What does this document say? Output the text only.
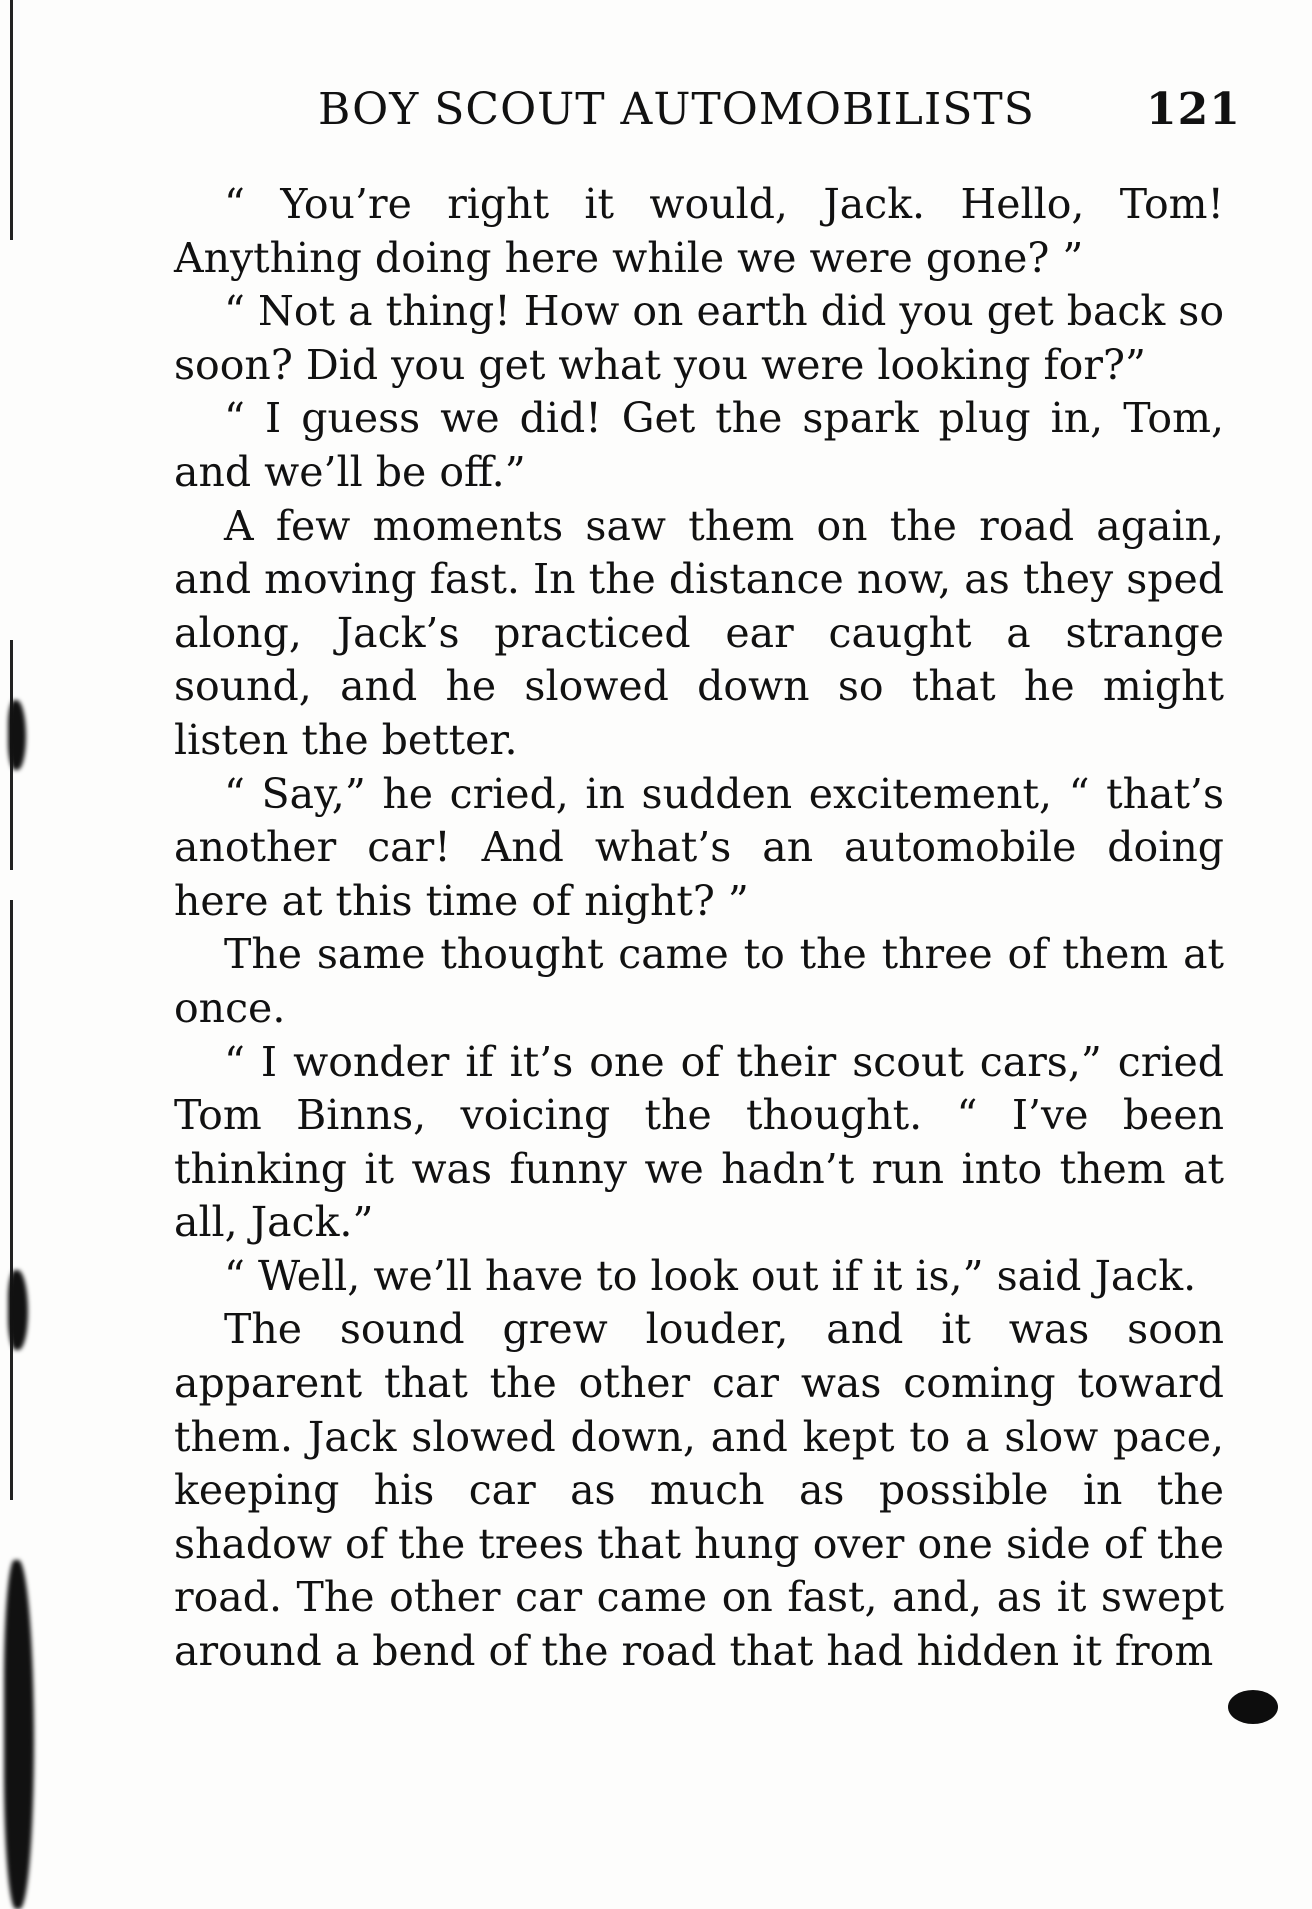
BOY SCOUT AUTOMOBILISTS	121

“ You’re right it would, Jack. Hello, Tom! Anything doing here while we were gone? ”

“ Not a thing! How on earth did you get back so soon? Did you get what you were looking for?”

“ I guess we did! Get the spark plug in, Tom, and we’ll be off.”

A few moments saw them on the road again, and moving fast. In the distance now, as they sped along, Jack’s practiced ear caught a strange sound, and he slowed down so that he might listen the better.

“ Say,” he cried, in sudden excitement, “ that’s another car! And what’s an automobile doing here at this time of night? ”

The same thought came to the three of them at once.

“ I wonder if it’s one of their scout cars,” cried Tom Binns, voicing the thought. “ I’ve been thinking it was funny we hadn’t run into them at all, Jack.”

“ Well, we’ll have to look out if it is,” said Jack.

The sound grew louder, and it was soon apparent that the other car was coming toward them. Jack slowed down, and kept to a slow pace, keeping his car as much as possible in the shadow of the trees that hung over one side of the road. The other car came on fast, and, as it swept around a bend of the road that had hidden it from
